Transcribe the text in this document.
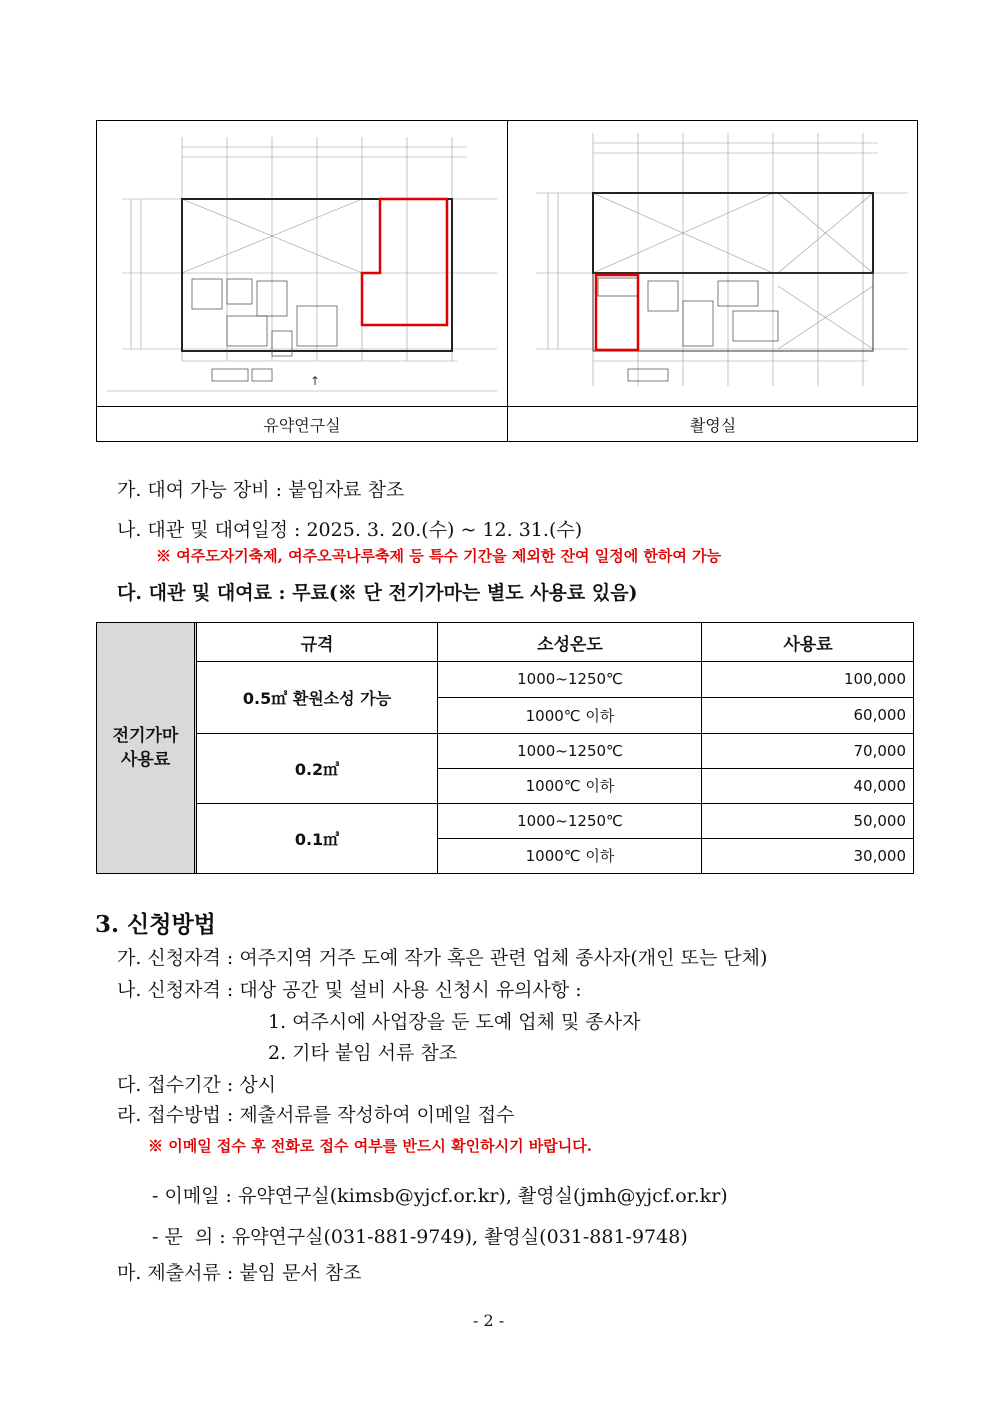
↑
유약연구실	촬영실
가. 대여 가능 장비 : 붙임자료 참조
나. 대관 및 대여일정 : 2025. 3. 20.(수) ~ 12. 31.(수)
※ 여주도자기축제, 여주오곡나루축제 등 특수 기간을 제외한 잔여 일정에 한하여 가능
다. 대관 및 대여료 : 무료(※ 단 전기가마는 별도 사용료 있음)
전기가마
사용료
규격	소성온도	사용료
0.5㎥ 환원소성 가능
1000~1250℃	100,000
1000℃ 이하	60,000
0.2㎥
1000~1250℃	70,000
1000℃ 이하	40,000
0.1㎥
1000~1250℃	50,000
1000℃ 이하	30,000
3. 신청방법
가. 신청자격 : 여주지역 거주 도예 작가 혹은 관련 업체 종사자(개인 또는 단체)
나. 신청자격 : 대상 공간 및 설비 사용 신청시 유의사항 :
1. 여주시에 사업장을 둔 도예 업체 및 종사자
2. 기타 붙임 서류 참조
다. 접수기간 : 상시
라. 접수방법 : 제출서류를 작성하여 이메일 접수
※ 이메일 접수 후 전화로 접수 여부를 반드시 확인하시기 바랍니다.
- 이메일 : 유약연구실(kimsb@yjcf.or.kr), 촬영실(jmh@yjcf.or.kr)
- 문  의 : 유약연구실(031-881-9749), 촬영실(031-881-9748)
마. 제출서류 : 붙임 문서 참조
- 2 -
